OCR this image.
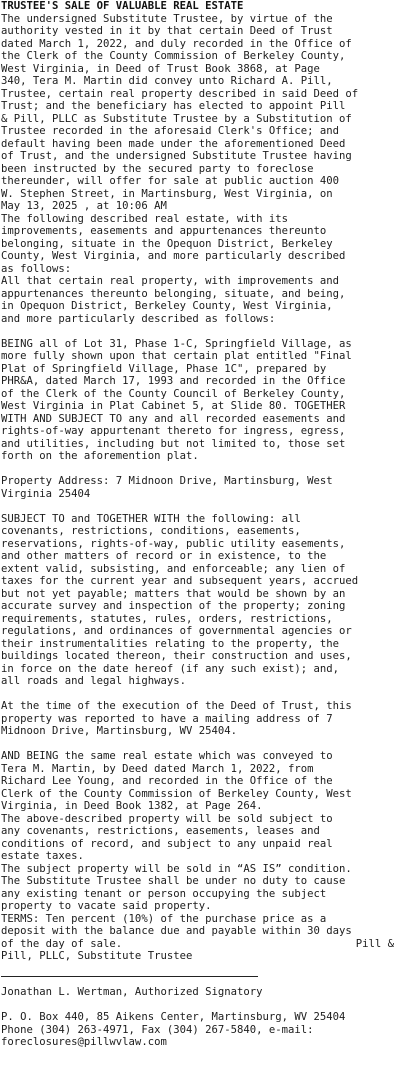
TRUSTEE'S SALE OF VALUABLE REAL ESTATE
The undersigned Substitute Trustee, by virtue of the
authority vested in it by that certain Deed of Trust
dated March 1, 2022, and duly recorded in the Office of
the Clerk of the County Commission of Berkeley County,
West Virginia, in Deed of Trust Book 3868, at Page
340, Tera M. Martin did convey unto Richard A. Pill,
Trustee, certain real property described in said Deed of
Trust; and the beneficiary has elected to appoint Pill
& Pill, PLLC as Substitute Trustee by a Substitution of
Trustee recorded in the aforesaid Clerk's Office; and
default having been made under the aforementioned Deed
of Trust, and the undersigned Substitute Trustee having
been instructed by the secured party to foreclose
thereunder, will offer for sale at public auction 400
W. Stephen Street, in Martinsburg, West Virginia, on
May 13, 2025 , at 10:06 AM
The following described real estate, with its
improvements, easements and appurtenances thereunto
belonging, situate in the Opequon District, Berkeley
County, West Virginia, and more particularly described
as follows:
All that certain real property, with improvements and
appurtenances thereunto belonging, situate, and being,
in Opequon District, Berkeley County, West Virginia,
and more particularly described as follows:
BEING all of Lot 31, Phase 1-C, Springfield Village, as
more fully shown upon that certain plat entitled "Final
Plat of Springfield Village, Phase 1C", prepared by
PHR&A, dated March 17, 1993 and recorded in the Office
of the Clerk of the County Council of Berkeley County,
West Virginia in Plat Cabinet 5, at Slide 80. TOGETHER
WITH AND SUBJECT TO any and all recorded easements and
rights-of-way appurtenant thereto for ingress, egress,
and utilities, including but not limited to, those set
forth on the aforemention plat.
Property Address: 7 Midnoon Drive, Martinsburg, West
Virginia 25404
SUBJECT TO and TOGETHER WITH the following: all
covenants, restrictions, conditions, easements,
reservations, rights-of-way, public utility easements,
and other matters of record or in existence, to the
extent valid, subsisting, and enforceable; any lien of
taxes for the current year and subsequent years, accrued
but not yet payable; matters that would be shown by an
accurate survey and inspection of the property; zoning
requirements, statutes, rules, orders, restrictions,
regulations, and ordinances of governmental agencies or
their instrumentalities relating to the property, the
buildings located thereon, their construction and uses,
in force on the date hereof (if any such exist); and,
all roads and legal highways.
At the time of the execution of the Deed of Trust, this
property was reported to have a mailing address of 7
Midnoon Drive, Martinsburg, WV 25404.
AND BEING the same real estate which was conveyed to
Tera M. Martin, by Deed dated March 1, 2022, from
Richard Lee Young, and recorded in the Office of the
Clerk of the County Commission of Berkeley County, West
Virginia, in Deed Book 1382, at Page 264.
The above-described property will be sold subject to
any covenants, restrictions, easements, leases and
conditions of record, and subject to any unpaid real
estate taxes.
The subject property will be sold in “AS IS” condition.
The Substitute Trustee shall be under no duty to cause
any existing tenant or person occupying the subject
property to vacate said property.
TERMS: Ten percent (10%) of the purchase price as a
deposit with the balance due and payable within 30 days
of the day of sale.	Pill &
Pill, PLLC, Substitute Trustee
Jonathan L. Wertman, Authorized Signatory
P. O. Box 440, 85 Aikens Center, Martinsburg, WV 25404
Phone (304) 263-4971, Fax (304) 267-5840, e-mail:
foreclosures@pillwvlaw.com
